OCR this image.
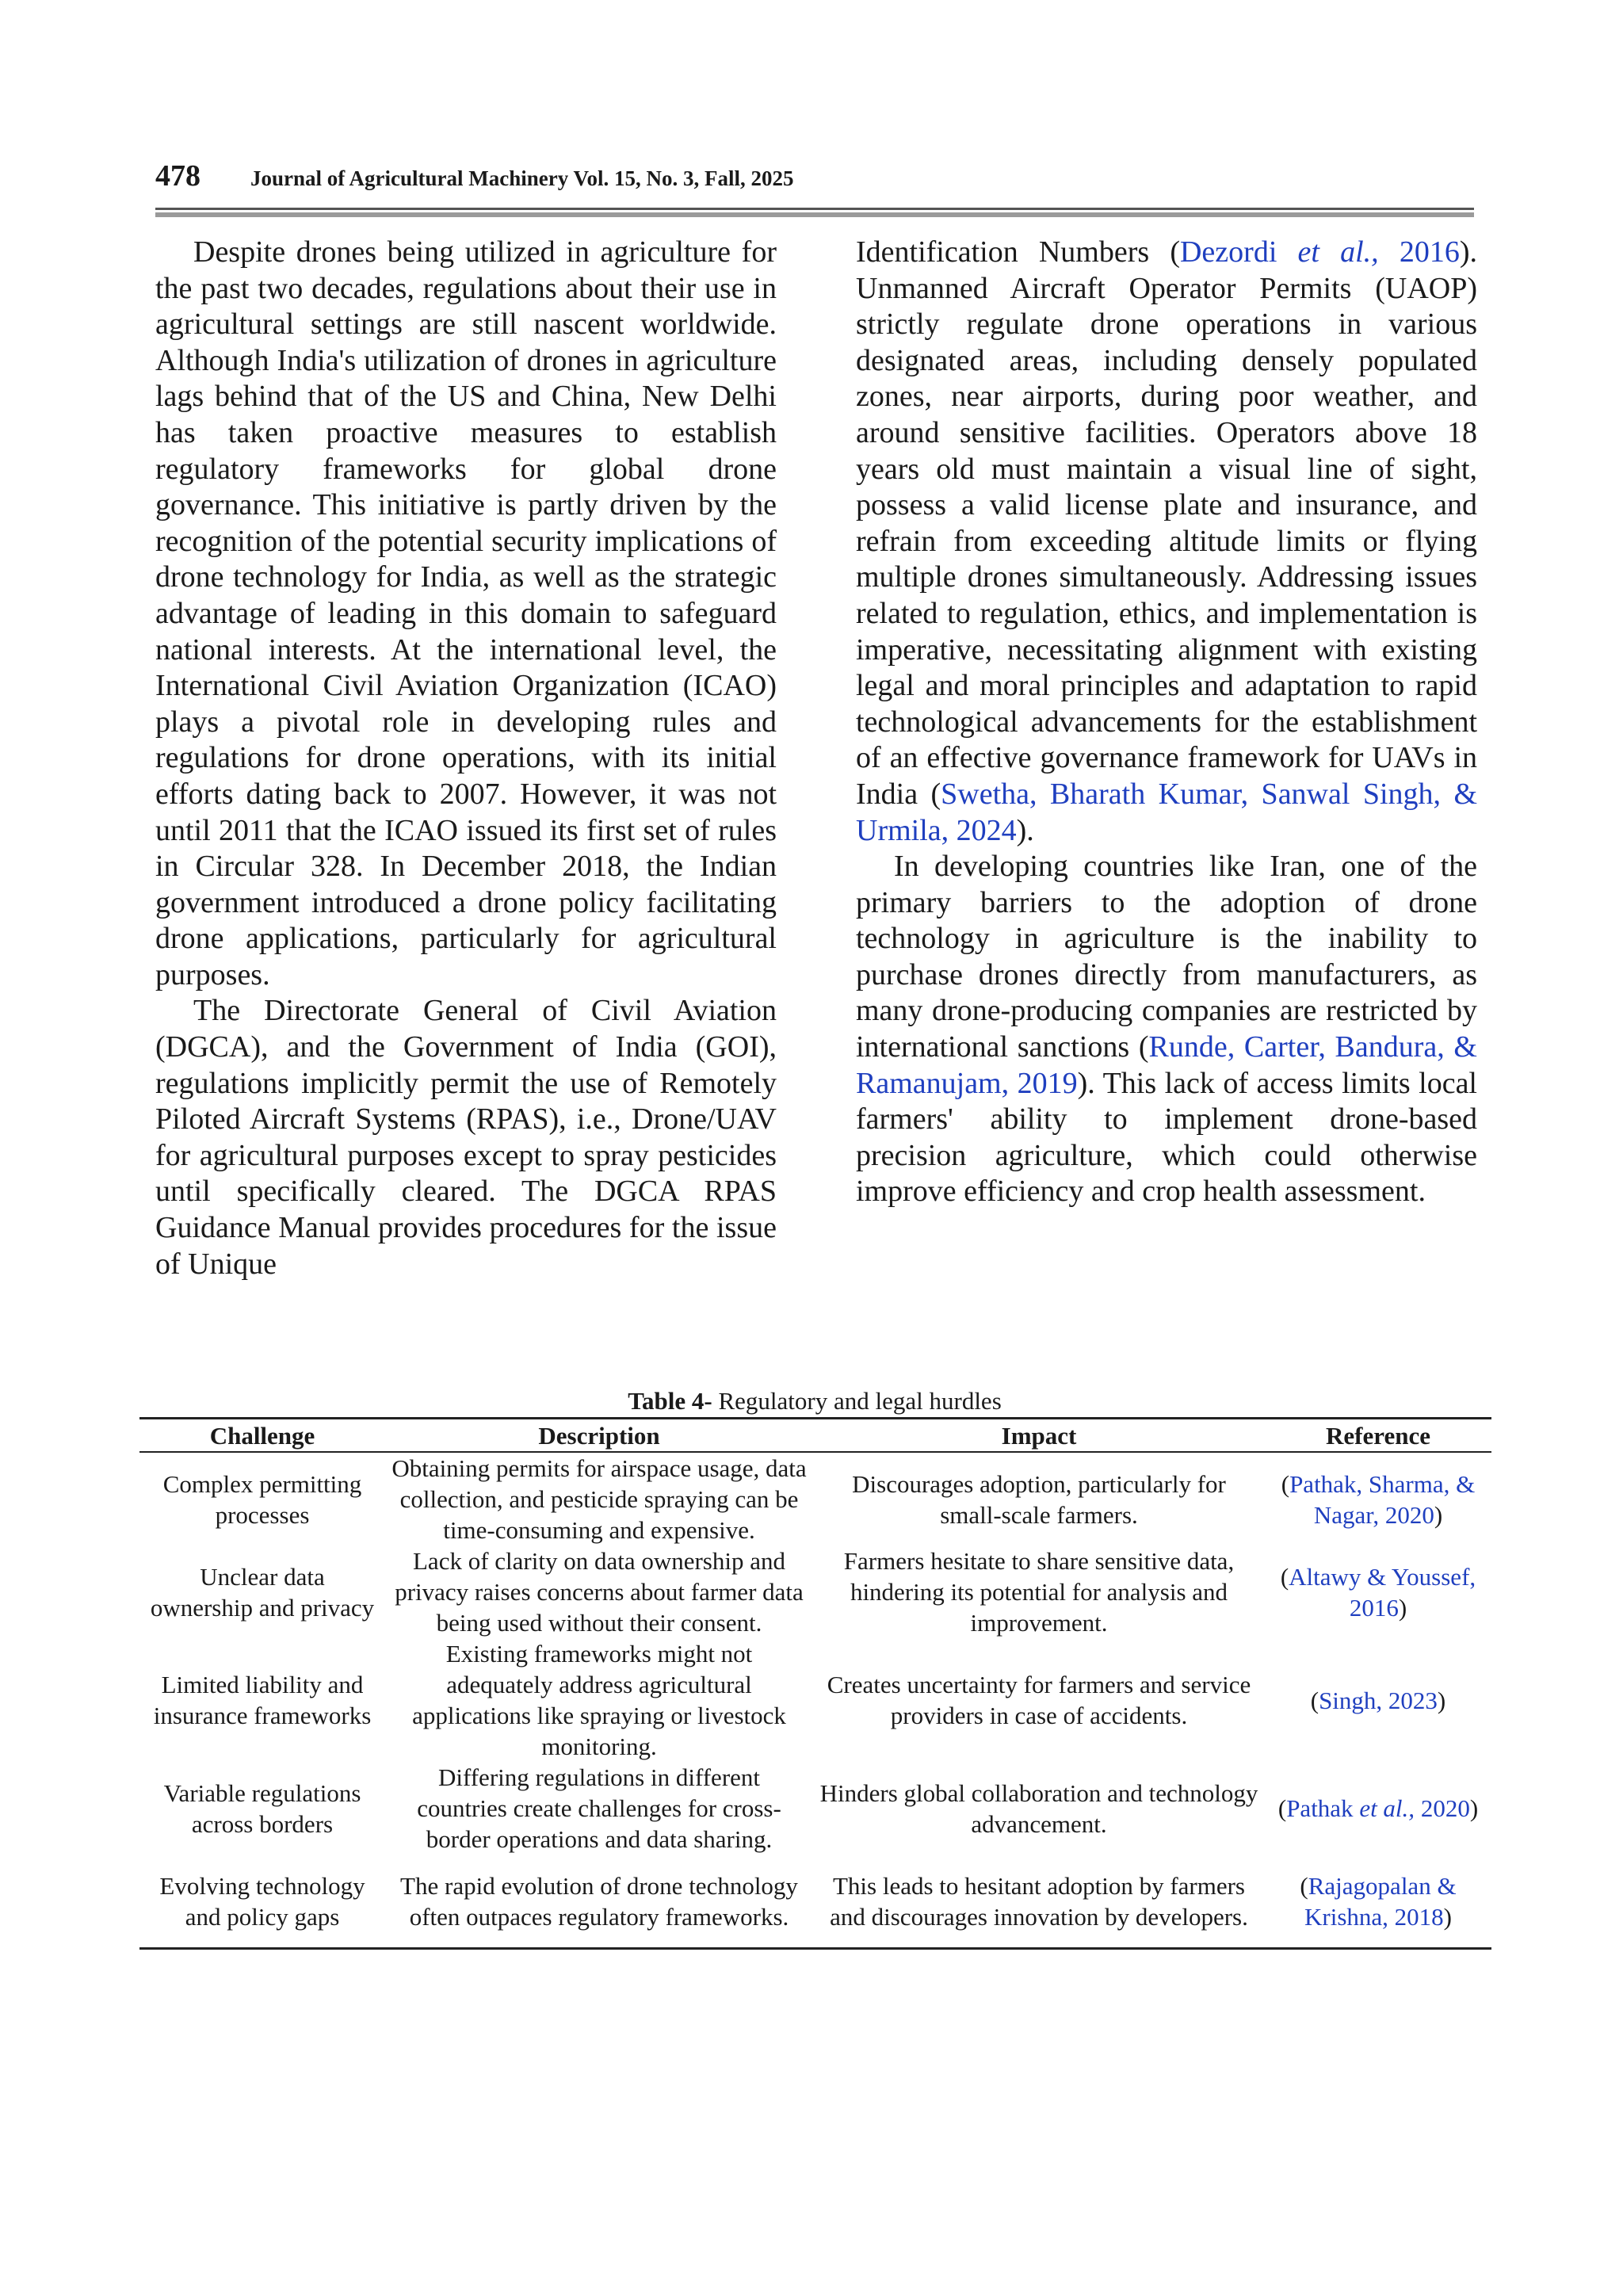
478 Journal of Agricultural Machinery Vol. 15, No. 3, Fall, 2025

Despite drones being utilized in agriculture for the past two decades, regulations about their use in agricultural settings are still nascent worldwide. Although India's utilization of drones in agriculture lags behind that of the US and China, New Delhi has taken proactive measures to establish regulatory frameworks for global drone governance. This initiative is partly driven by the recognition of the potential security implications of drone technology for India, as well as the strategic advantage of leading in this domain to safeguard national interests. At the international level, the International Civil Aviation Organization (ICAO) plays a pivotal role in developing rules and regulations for drone operations, with its initial efforts dating back to 2007. However, it was not until 2011 that the ICAO issued its first set of rules in Circular 328. In December 2018, the Indian government introduced a drone policy facilitating drone applications, particularly for agricultural purposes.

The Directorate General of Civil Aviation (DGCA), and the Government of India (GOI), regulations implicitly permit the use of Remotely Piloted Aircraft Systems (RPAS), i.e., Drone/UAV for agricultural purposes except to spray pesticides until specifically cleared. The DGCA RPAS Guidance Manual provides procedures for the issue of Unique

Identification Numbers (Dezordi et al., 2016). Unmanned Aircraft Operator Permits (UAOP) strictly regulate drone operations in various designated areas, including densely populated zones, near airports, during poor weather, and around sensitive facilities. Operators above 18 years old must maintain a visual line of sight, possess a valid license plate and insurance, and refrain from exceeding altitude limits or flying multiple drones simultaneously. Addressing issues related to regulation, ethics, and implementation is imperative, necessitating alignment with existing legal and moral principles and adaptation to rapid technological advancements for the establishment of an effective governance framework for UAVs in India (Swetha, Bharath Kumar, Sanwal Singh, & Urmila, 2024).

In developing countries like Iran, one of the primary barriers to the adoption of drone technology in agriculture is the inability to purchase drones directly from manufacturers, as many drone-producing companies are restricted by international sanctions (Runde, Carter, Bandura, & Ramanujam, 2019). This lack of access limits local farmers' ability to implement drone-based precision agriculture, which could otherwise improve efficiency and crop health assessment.

Table 4- Regulatory and legal hurdles
Challenge	Description	Impact	Reference
Complex permitting processes	Obtaining permits for airspace usage, data collection, and pesticide spraying can be time-consuming and expensive.	Discourages adoption, particularly for small-scale farmers.	(Pathak, Sharma, & Nagar, 2020)
Unclear data ownership and privacy	Lack of clarity on data ownership and privacy raises concerns about farmer data being used without their consent.	Farmers hesitate to share sensitive data, hindering its potential for analysis and improvement.	(Altawy & Youssef, 2016)
Limited liability and insurance frameworks	Existing frameworks might not adequately address agricultural applications like spraying or livestock monitoring.	Creates uncertainty for farmers and service providers in case of accidents.	(Singh, 2023)
Variable regulations across borders	Differing regulations in different countries create challenges for cross-border operations and data sharing.	Hinders global collaboration and technology advancement.	(Pathak et al., 2020)
Evolving technology and policy gaps	The rapid evolution of drone technology often outpaces regulatory frameworks.	This leads to hesitant adoption by farmers and discourages innovation by developers.	(Rajagopalan & Krishna, 2018)
